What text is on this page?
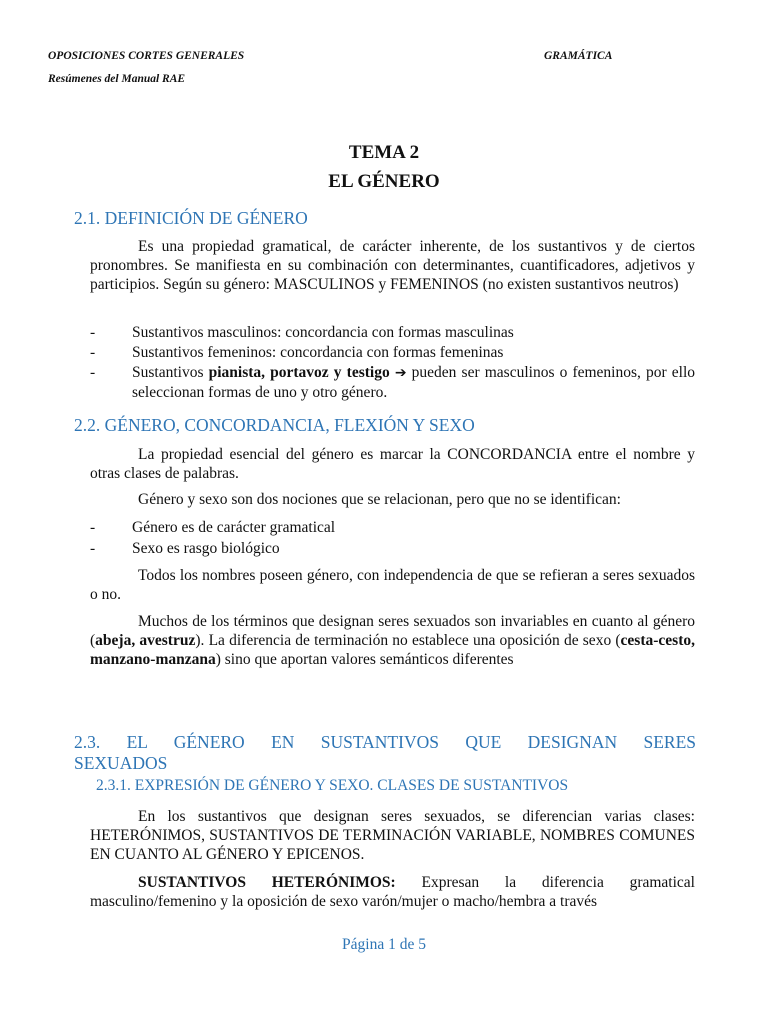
OPOSICIONES CORTES GENERALES	GRAMÁTICA
Resúmenes del Manual RAE
TEMA 2
EL GÉNERO
2.1. DEFINICIÓN DE GÉNERO
Es una propiedad gramatical, de carácter inherente, de los sustantivos y de ciertos pronombres. Se manifiesta en su combinación con determinantes, cuantificadores, adjetivos y participios. Según su género: MASCULINOS y FEMENINOS (no existen sustantivos neutros)
- Sustantivos masculinos: concordancia con formas masculinas
- Sustantivos femeninos: concordancia con formas femeninas
- Sustantivos pianista, portavoz y testigo ➔ pueden ser masculinos o femeninos, por ello seleccionan formas de uno y otro género.
2.2. GÉNERO, CONCORDANCIA, FLEXIÓN Y SEXO
La propiedad esencial del género es marcar la CONCORDANCIA entre el nombre y otras clases de palabras.
Género y sexo son dos nociones que se relacionan, pero que no se identifican:
- Género es de carácter gramatical
- Sexo es rasgo biológico
Todos los nombres poseen género, con independencia de que se refieran a seres sexuados o no.
Muchos de los términos que designan seres sexuados son invariables en cuanto al género (abeja, avestruz). La diferencia de terminación no establece una oposición de sexo (cesta-cesto, manzano-manzana) sino que aportan valores semánticos diferentes
2.3. EL GÉNERO EN SUSTANTIVOS QUE DESIGNAN SERES
SEXUADOS
2.3.1. EXPRESIÓN DE GÉNERO Y SEXO. CLASES DE SUSTANTIVOS
En los sustantivos que designan seres sexuados, se diferencian varias clases: HETERÓNIMOS, SUSTANTIVOS DE TERMINACIÓN VARIABLE, NOMBRES COMUNES EN CUANTO AL GÉNERO Y EPICENOS.
SUSTANTIVOS HETERÓNIMOS: Expresan la diferencia gramatical masculino/femenino y la oposición de sexo varón/mujer o macho/hembra a través
Página 1 de 5
